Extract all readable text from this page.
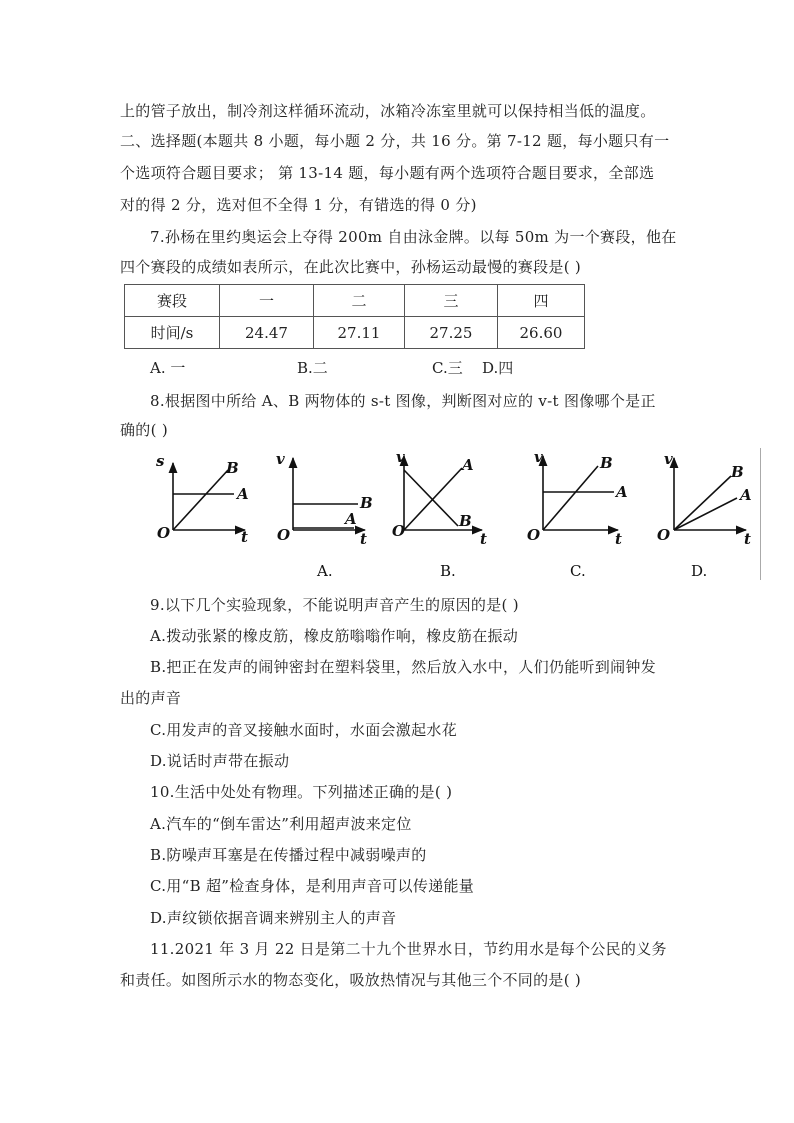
上的管子放出，制冷剂这样循环流动，冰箱冷冻室里就可以保持相当低的温度。
二、选择题(本题共 8 小题，每小题 2 分，共 16 分。第 7-12 题，每小题只有一
个选项符合题目要求； 第 13-14 题，每小题有两个选项符合题目要求，全部选
对的得 2 分，选对但不全得 1 分，有错选的得 0 分)
7.孙杨在里约奥运会上夺得 200m 自由泳金牌。以每 50m 为一个赛段，他在
四个赛段的成绩如表所示，在此次比赛中，孙杨运动最慢的赛段是( )
赛段	一	二	三	四
时间/s	24.47	27.11	27.25	26.60
A. 一	B.二	C.三 D.四
8.根据图中所给 A、B 两物体的 s-t 图像，判断图对应的 v-t 图像哪个是正
确的( )
s
O	t
B
A
v
O	t
B
A
A.
v
O	t
A
B
B.
v
O	t
B
A
C.
v
O	t
B
A
D.
9.以下几个实验现象，不能说明声音产生的原因的是( )
A.拨动张紧的橡皮筋，橡皮筋嗡嗡作响，橡皮筋在振动
B.把正在发声的闹钟密封在塑料袋里，然后放入水中，人们仍能听到闹钟发
出的声音
C.用发声的音叉接触水面时，水面会激起水花
D.说话时声带在振动
10.生活中处处有物理。下列描述正确的是( )
A.汽车的“倒车雷达”利用超声波来定位
B.防噪声耳塞是在传播过程中减弱噪声的
C.用“B 超”检查身体，是利用声音可以传递能量
D.声纹锁依据音调来辨别主人的声音
11.2021 年 3 月 22 日是第二十九个世界水日，节约用水是每个公民的义务
和责任。如图所示水的物态变化，吸放热情况与其他三个不同的是( )
